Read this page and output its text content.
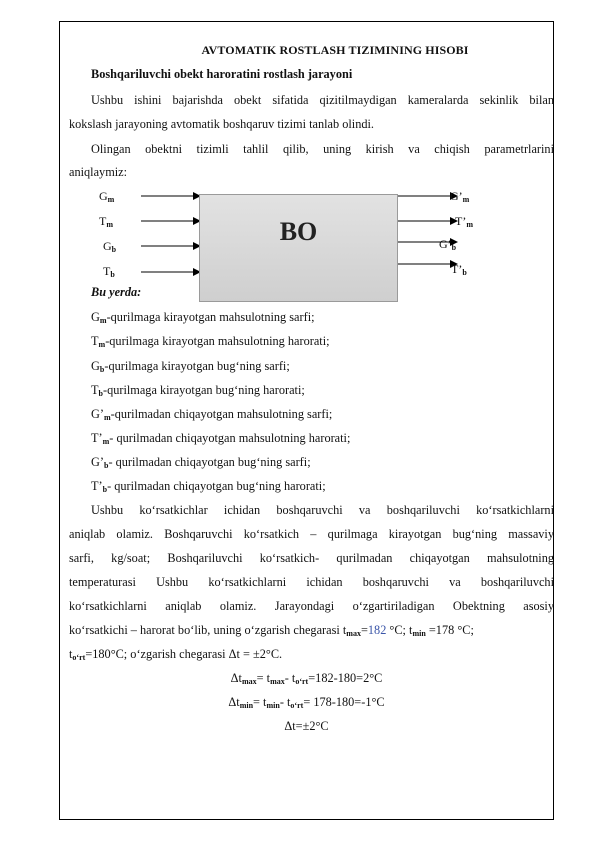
AVTOMATIK ROSTLASH TIZIMINING HISOBI
Boshqariluvchi obekt haroratini rostlash jarayoni
Ushbu ishini bajarishda obekt sifatida qizitilmaydigan kameralarda sekinlik bilan
kokslash jarayoning avtomatik boshqaruv tizimi tanlab olindi.
Olingan obektni tizimli tahlil qilib, uning kirish va chiqish parametrlarini
aniqlaymiz:
BO
$G_m$
$T_m$
$G_b$
$T_b$
$G’_m$
$T’_m$
$G’_b$
$T’_b$
Bu yerda:
$G_m$-qurilmaga kirayotgan mahsulotning sarfi;
$T_m$-qurilmaga kirayotgan mahsulotning harorati;
$G_b$-qurilmaga kirayotgan bug‘ning sarfi;
$T_b$-qurilmaga kirayotgan bug‘ning harorati;
$G’_m$-qurilmadan chiqayotgan mahsulotning sarfi;
$T’_m-$ qurilmadan chiqayotgan mahsulotning harorati;
$G’_b-$ qurilmadan chiqayotgan bug‘ning sarfi;
$T’_b-$ qurilmadan chiqayotgan bug‘ning harorati;
Ushbu ko‘rsatkichlar ichidan boshqaruvchi va boshqariluvchi ko‘rsatkichlarni
aniqlab olamiz. Boshqaruvchi ko‘rsatkich – qurilmaga kirayotgan bug‘ning massaviy
sarfi, kg/soat; Boshqariluvchi ko‘rsatkich- qurilmadan chiqayotgan mahsulotning
temperaturasi Ushbu ko‘rsatkichlarni ichidan boshqaruvchi va boshqariluvchi
ko‘rsatkichlarni aniqlab olamiz. Jarayondagi o‘zgartiriladigan Obektning asosiy
ko‘rsatkichi – harorat bo‘lib, uning o‘zgarish chegarasi $t_{max}=182$ °C; $t_{min} =178$ °C;
$t_{o‘rt}=180^\circ C$; o‘zgarish chegarasi Δt = ±2°C.
$\Delta t_{max}= t_{max}-$ $t_{o‘rt}=182-180=2^\circ C$
$\Delta t_{min}= t_{min}-$ $t_{o‘rt}= 178-180=-1^\circ C$
Δt=±2°C
